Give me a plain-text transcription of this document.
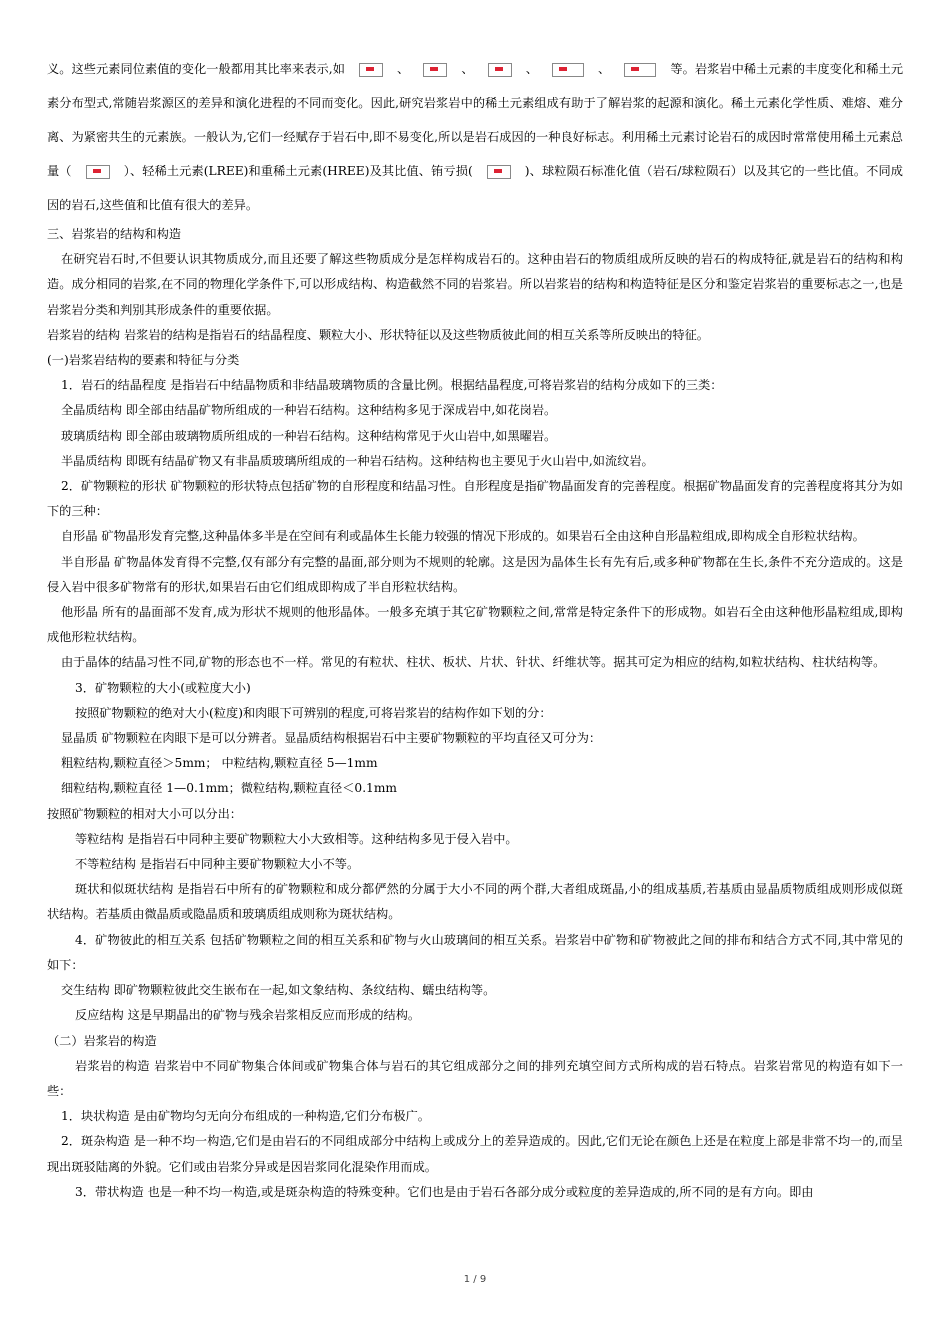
义。这些元素同位素值的变化一般都用其比率来表示,如	、	、	、	、	等。岩浆岩中稀土元素的丰度变化和稀土元素分布型式,常随岩浆源区的差异和演化进程的不同而变化。因此,研究岩浆岩中的稀土元素组成有助于了解岩浆的起源和演化。稀土元素化学性质、难熔、难分离、为紧密共生的元素族。一般认为,它们一经赋存于岩石中,即不易变化,所以是岩石成因的一种良好标志。利用稀土元素讨论岩石的成因时常常使用稀土元素总量（	）、轻稀土元素(LREE)和重稀土元素(HREE)及其比值、铕亏损(	)、球粒陨石标准化值（岩石/球粒陨石）以及其它的一些比值。不同成因的岩石,这些值和比值有很大的差异。

三、岩浆岩的结构和构造

在研究岩石时,不但要认识其物质成分,而且还要了解这些物质成分是怎样构成岩石的。这种由岩石的物质组成所反映的岩石的构成特征,就是岩石的结构和构造。成分相同的岩浆,在不同的物理化学条件下,可以形成结构、构造截然不同的岩浆岩。所以岩浆岩的结构和构造特征是区分和鉴定岩浆岩的重要标志之一,也是岩浆岩分类和判别其形成条件的重要依据。

岩浆岩的结构 岩浆岩的结构是指岩石的结晶程度、颗粒大小、形状特征以及这些物质彼此间的相互关系等所反映出的特征。

(一)岩浆岩结构的要素和特征与分类

1．岩石的结晶程度 是指岩石中结晶物质和非结晶玻璃物质的含量比例。根据结晶程度,可将岩浆岩的结构分成如下的三类：

全晶质结构 即全部由结晶矿物所组成的一种岩石结构。这种结构多见于深成岩中,如花岗岩。

玻璃质结构 即全部由玻璃物质所组成的一种岩石结构。这种结构常见于火山岩中,如黑曜岩。

半晶质结构 即既有结晶矿物又有非晶质玻璃所组成的一种岩石结构。这种结构也主要见于火山岩中,如流纹岩。

2．矿物颗粒的形状 矿物颗粒的形状特点包括矿物的自形程度和结晶习性。自形程度是指矿物晶面发育的完善程度。根据矿物晶面发育的完善程度将其分为如下的三种：

自形晶 矿物晶形发育完整,这种晶体多半是在空间有利或晶体生长能力较强的情况下形成的。如果岩石全由这种自形晶粒组成,即构成全自形粒状结构。

半自形晶 矿物晶体发育得不完整,仅有部分有完整的晶面,部分则为不规则的轮廓。这是因为晶体生长有先有后,或多种矿物都在生长,条件不充分造成的。这是侵入岩中很多矿物常有的形状,如果岩石由它们组成即构成了半自形粒状结构。

他形晶 所有的晶面部不发育,成为形状不规则的他形晶体。一般多充填于其它矿物颗粒之间,常常是特定条件下的形成物。如岩石全由这种他形晶粒组成,即构成他形粒状结构。

由于晶体的结晶习性不同,矿物的形态也不一样。常见的有粒状、柱状、板状、片状、针状、纤维状等。据其可定为相应的结构,如粒状结构、柱状结构等。

3．矿物颗粒的大小(或粒度大小)

按照矿物颗粒的绝对大小(粒度)和肉眼下可辨别的程度,可将岩浆岩的结构作如下划的分：

显晶质 矿物颗粒在肉眼下是可以分辨者。显晶质结构根据岩石中主要矿物颗粒的平均直径又可分为：

粗粒结构,颗粒直径＞5mm； 中粒结构,颗粒直径 5—1mm

细粒结构,颗粒直径 1—0.1mm；微粒结构,颗粒直径＜0.1mm

按照矿物颗粒的相对大小可以分出：

等粒结构 是指岩石中同种主要矿物颗粒大小大致相等。这种结构多见于侵入岩中。

不等粒结构 是指岩石中同种主要矿物颗粒大小不等。

斑状和似斑状结构 是指岩石中所有的矿物颗粒和成分都俨然的分属于大小不同的两个群,大者组成斑晶,小的组成基质,若基质由显晶质物质组成则形成似斑状结构。若基质由微晶质或隐晶质和玻璃质组成则称为斑状结构。

4．矿物彼此的相互关系 包括矿物颗粒之间的相互关系和矿物与火山玻璃间的相互关系。岩浆岩中矿物和矿物被此之间的排布和结合方式不同,其中常见的如下：

交生结构 即矿物颗粒彼此交生嵌布在一起,如文象结构、条纹结构、蠕虫结构等。

反应结构 这是早期晶出的矿物与残余岩浆相反应而形成的结构。

（二）岩浆岩的构造

岩浆岩的构造 岩浆岩中不同矿物集合体间或矿物集合体与岩石的其它组成部分之间的排列充填空间方式所构成的岩石特点。岩浆岩常见的构造有如下一些：

1．块状构造 是由矿物均匀无向分布组成的一种构造,它们分布极广。

2．斑杂构造 是一种不均一构造,它们是由岩石的不同组成部分中结构上或成分上的差异造成的。因此,它们无论在颜色上还是在粒度上部是非常不均一的,而呈现出斑驳陆离的外貌。它们或由岩浆分异或是因岩浆同化混染作用而成。

3．带状构造 也是一种不均一构造,或是斑杂构造的特殊变种。它们也是由于岩石各部分成分或粒度的差异造成的,所不同的是有方向。即由

1 / 9
